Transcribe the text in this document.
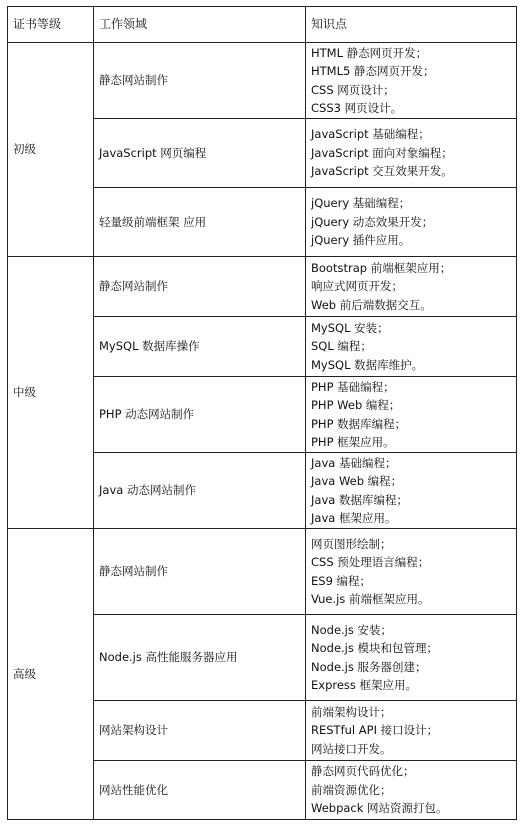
证书等级	工作领域	知识点
初级	静态网站制作	HTML 静态网页开发；
HTML5 静态网页开发；
CSS 网页设计；
CSS3 网页设计。

	JavaScript 网页编程	JavaScript 基础编程；
JavaScript 面向对象编程；
JavaScript 交互效果开发。

	轻量级前端框架 应用	jQuery 基础编程；
jQuery 动态效果开发；
jQuery 插件应用。

中级	静态网站制作	Bootstrap 前端框架应用；
响应式网页开发；
Web 前后端数据交互。

	MySQL 数据库操作	MySQL 安装；
SQL 编程；
MySQL 数据库维护。

	PHP 动态网站制作	PHP 基础编程；
PHP Web 编程；
PHP 数据库编程；
PHP 框架应用。

	Java 动态网站制作	Java 基础编程；
Java Web 编程；
Java 数据库编程；
Java 框架应用。

高级	静态网站制作	网页图形绘制；
CSS 预处理语言编程；
ES9 编程；
Vue.js 前端框架应用。

	Node.js 高性能服务器应用	Node.js 安装；
Node.js 模块和包管理；
Node.js 服务器创建；
Express 框架应用。

	网站架构设计	前端架构设计；
RESTful API 接口设计；
网站接口开发。

	网站性能优化	静态网页代码优化；
前端资源优化；
Webpack 网站资源打包。
